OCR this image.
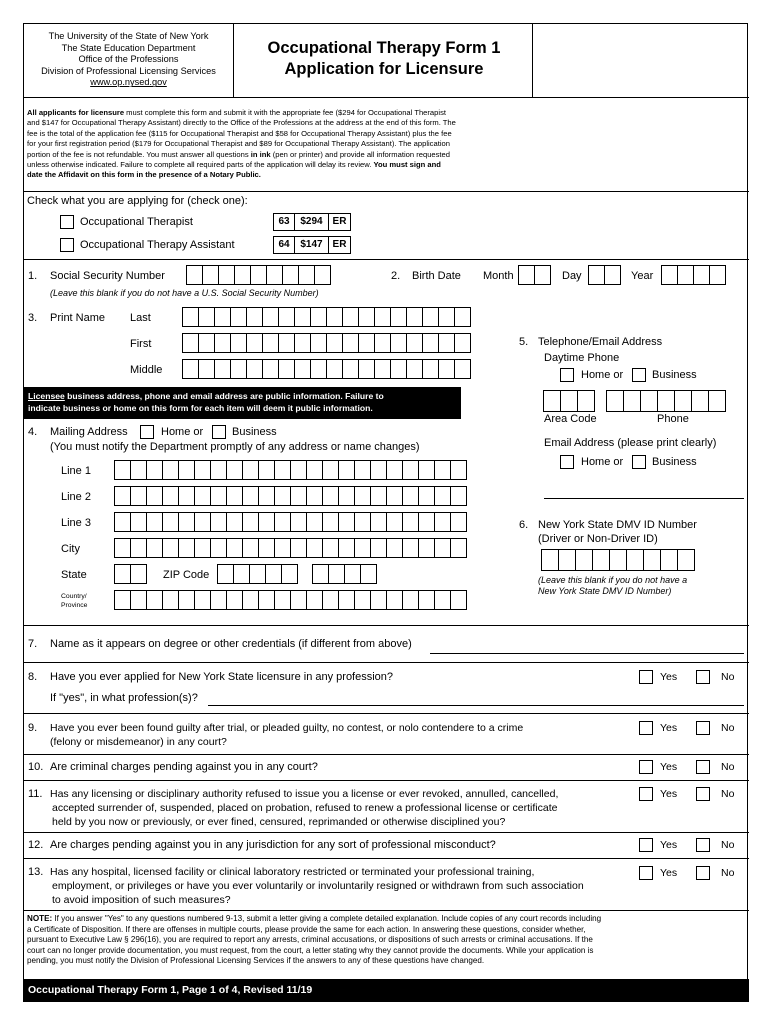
The University of the State of New York
The State Education Department
Office of the Professions
Division of Professional Licensing Services
www.op.nysed.gov
Occupational Therapy Form 1
Application for Licensure
All applicants for licensure must complete this form and submit it with the appropriate fee ($294 for Occupational Therapist
and $147 for Occupational Therapy Assistant) directly to the Office of the Professions at the address at the end of this form. The
fee is the total of the application fee ($115 for Occupational Therapist and $58 for Occupational Therapy Assistant) plus the fee
for your first registration period ($179 for Occupational Therapist and $89 for Occupational Therapy Assistant). The application
portion of the fee is not refundable. You must answer all questions in ink (pen or printer) and provide all information requested
unless otherwise indicated. Failure to complete all required parts of the application will delay its review. You must sign and
date the Affidavit on this form in the presence of a Notary Public.
Check what you are applying for (check one):
Occupational Therapist	63	$294 ER
Occupational Therapy Assistant	64	$147 ER
1. Social Security Number
(Leave this blank if you do not have a U.S. Social Security Number)
2. Birth Date Month	Day	Year
3. Print Name Last
First
Middle
Licensee business address, phone and email address are public information. Failure to
indicate business or home on this form for each item will deem it public information.
4. Mailing Address	Home or	Business
(You must notify the Department promptly of any address or name changes)
Line 1
Line 2
Line 3
City
State	ZIP Code
Country/
Province
5. Telephone/Email Address
Daytime Phone
Home or	Business
Area Code	Phone
Email Address (please print clearly)
Home or	Business
6. New York State DMV ID Number
(Driver or Non-Driver ID)
(Leave this blank if you do not have a
New York State DMV ID Number)
7. Name as it appears on degree or other credentials (if different from above)
8. Have you ever applied for New York State licensure in any profession?
If "yes", in what profession(s)?
Yes	No
9. Have you ever been found guilty after trial, or pleaded guilty, no contest, or nolo contendere to a crime
(felony or misdemeanor) in any court?
Yes	No
10. Are criminal charges pending against you in any court?	Yes	No
11. Has any licensing or disciplinary authority refused to issue you a license or ever revoked, annulled, cancelled,
accepted surrender of, suspended, placed on probation, refused to renew a professional license or certificate
held by you now or previously, or ever fined, censured, reprimanded or otherwise disciplined you?
Yes	No
12. Are charges pending against you in any jurisdiction for any sort of professional misconduct?	Yes	No
13. Has any hospital, licensed facility or clinical laboratory restricted or terminated your professional training,
employment, or privileges or have you ever voluntarily or involuntarily resigned or withdrawn from such association
to avoid imposition of such measures?
Yes	No
NOTE: If you answer "Yes" to any questions numbered 9-13, submit a letter giving a complete detailed explanation. Include copies of any court records including
a Certificate of Disposition. If there are offenses in multiple courts, please provide the same for each action. In answering these questions, consider whether,
pursuant to Executive Law § 296(16), you are required to report any arrests, criminal accusations, or dispositions of such arrests or criminal accusations. If the
court can no longer provide documentation, you must request, from the court, a letter stating why they cannot provide the documents. While your application is
pending, you must notify the Division of Professional Licensing Services if the answers to any of these questions have changed.
Occupational Therapy Form 1, Page 1 of 4, Revised 11/19
